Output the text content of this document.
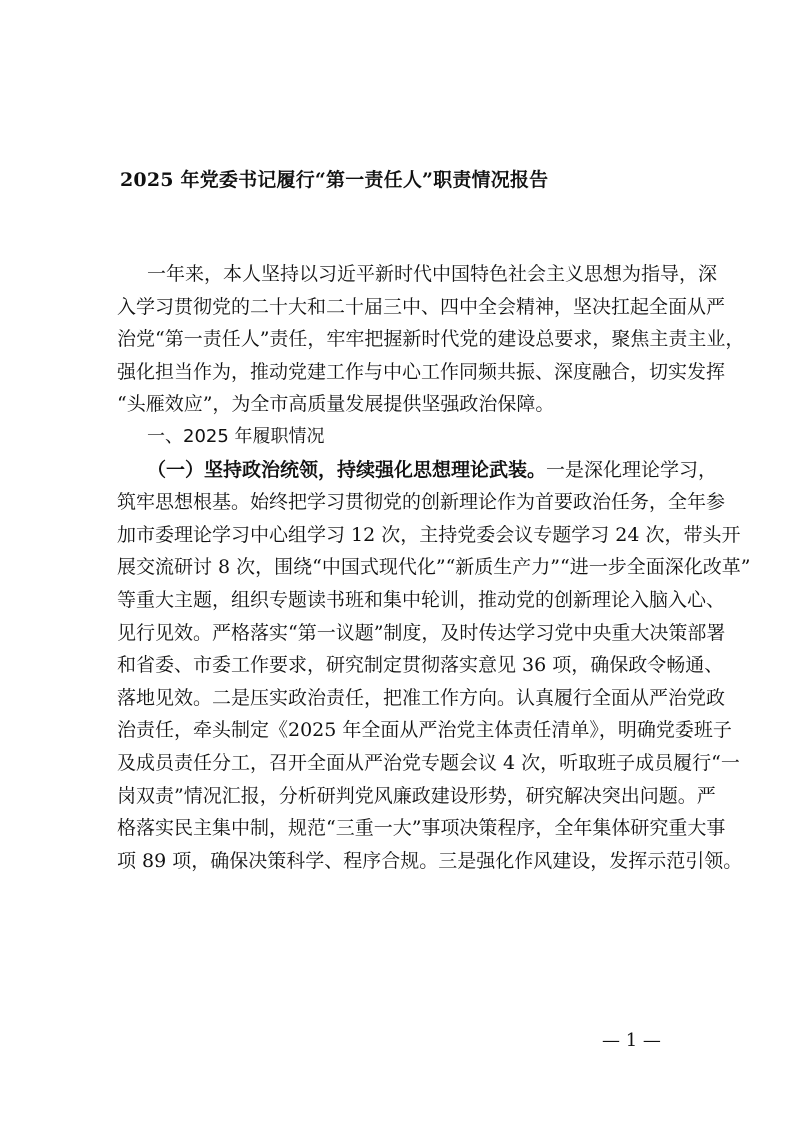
2025 年党委书记履行“第一责任人”职责情况报告
一年来，本人坚持以习近平新时代中国特色社会主义思想为指导，深
入学习贯彻党的二十大和二十届三中、四中全会精神，坚决扛起全面从严
治党“第一责任人”责任，牢牢把握新时代党的建设总要求，聚焦主责主业，
强化担当作为，推动党建工作与中心工作同频共振、深度融合，切实发挥
“头雁效应”，为全市高质量发展提供坚强政治保障。
一、2025 年履职情况
（一）坚持政治统领，持续强化思想理论武装。一是深化理论学习，
筑牢思想根基。始终把学习贯彻党的创新理论作为首要政治任务，全年参
加市委理论学习中心组学习 12 次，主持党委会议专题学习 24 次，带头开
展交流研讨 8 次，围绕“中国式现代化”“新质生产力”“进一步全面深化改革”
等重大主题，组织专题读书班和集中轮训，推动党的创新理论入脑入心、
见行见效。严格落实“第一议题”制度，及时传达学习党中央重大决策部署
和省委、市委工作要求，研究制定贯彻落实意见 36 项，确保政令畅通、
落地见效。二是压实政治责任，把准工作方向。认真履行全面从严治党政
治责任，牵头制定《2025 年全面从严治党主体责任清单》，明确党委班子
及成员责任分工，召开全面从严治党专题会议 4 次，听取班子成员履行“一
岗双责”情况汇报，分析研判党风廉政建设形势，研究解决突出问题。严
格落实民主集中制，规范“三重一大”事项决策程序，全年集体研究重大事
项 89 项，确保决策科学、程序合规。三是强化作风建设，发挥示范引领。
— 1 —
